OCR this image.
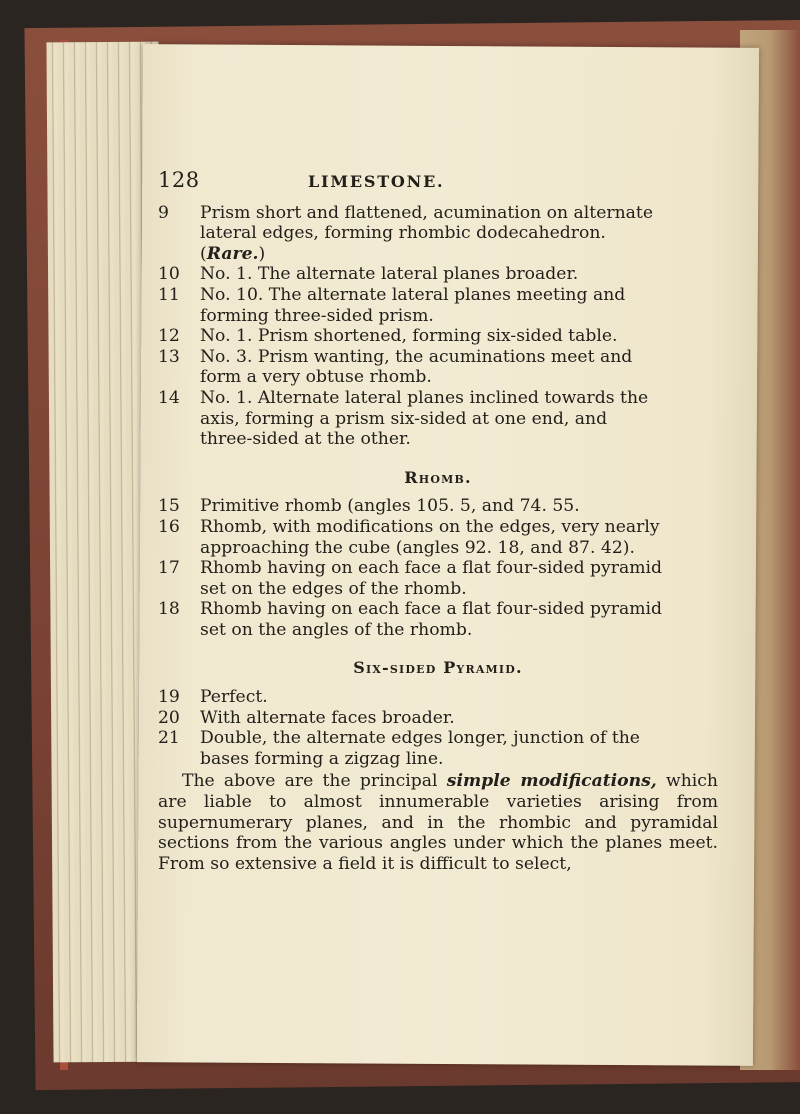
128	LIMESTONE.
9 Prism short and flattened, acumination on alternate
lateral edges, forming rhombic dodecahedron.
(Rare.)
10 No. 1. The alternate lateral planes broader.
11 No. 10. The alternate lateral planes meeting and
forming three-sided prism.
12 No. 1. Prism shortened, forming six-sided table.
13 No. 3. Prism wanting, the acuminations meet and
form a very obtuse rhomb.
14 No. 1. Alternate lateral planes inclined towards the
axis, forming a prism six-sided at one end, and
three-sided at the other.
Rhomb.
15 Primitive rhomb (angles 105. 5, and 74. 55.
16 Rhomb, with modifications on the edges, very nearly
approaching the cube (angles 92. 18, and 87. 42).
17 Rhomb having on each face a flat four-sided pyramid
set on the edges of the rhomb.
18 Rhomb having on each face a flat four-sided pyramid
set on the angles of the rhomb.
Six-sided Pyramid.
19 Perfect.
20 With alternate faces broader.
21 Double, the alternate edges longer, junction of the
bases forming a zigzag line.
The above are the principal simple modifications, which are liable to almost innumerable varieties arising from supernumerary planes, and in the rhombic and pyramidal sections from the various angles under which the planes meet. From so extensive a field it is difficult to select,
